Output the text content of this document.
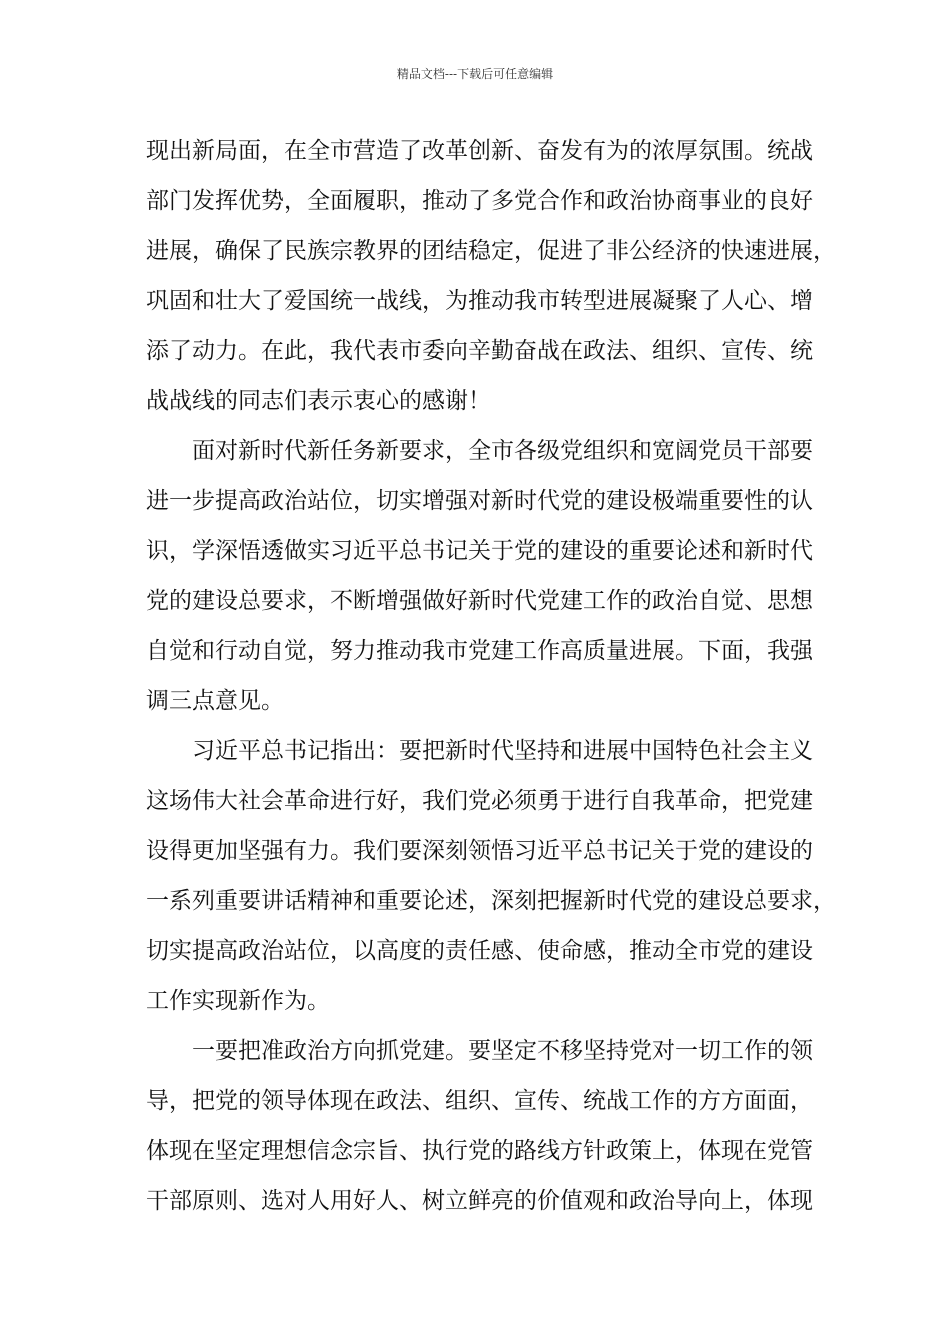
精品文档---下载后可任意编辑
现出新局面，在全市营造了改革创新、奋发有为的浓厚氛围。统战
部门发挥优势，全面履职，推动了多党合作和政治协商事业的良好
进展，确保了民族宗教界的团结稳定，促进了非公经济的快速进展，
巩固和壮大了爱国统一战线，为推动我市转型进展凝聚了人心、增
添了动力。在此，我代表市委向辛勤奋战在政法、组织、宣传、统
战战线的同志们表示衷心的感谢！
面对新时代新任务新要求，全市各级党组织和宽阔党员干部要
进一步提高政治站位，切实增强对新时代党的建设极端重要性的认
识，学深悟透做实习近平总书记关于党的建设的重要论述和新时代
党的建设总要求，不断增强做好新时代党建工作的政治自觉、思想
自觉和行动自觉，努力推动我市党建工作高质量进展。下面，我强
调三点意见。
习近平总书记指出：要把新时代坚持和进展中国特色社会主义
这场伟大社会革命进行好，我们党必须勇于进行自我革命，把党建
设得更加坚强有力。我们要深刻领悟习近平总书记关于党的建设的
一系列重要讲话精神和重要论述，深刻把握新时代党的建设总要求，
切实提高政治站位，以高度的责任感、使命感，推动全市党的建设
工作实现新作为。
一要把准政治方向抓党建。要坚定不移坚持党对一切工作的领
导，把党的领导体现在政法、组织、宣传、统战工作的方方面面，
体现在坚定理想信念宗旨、执行党的路线方针政策上，体现在党管
干部原则、选对人用好人、树立鲜亮的价值观和政治导向上，体现
